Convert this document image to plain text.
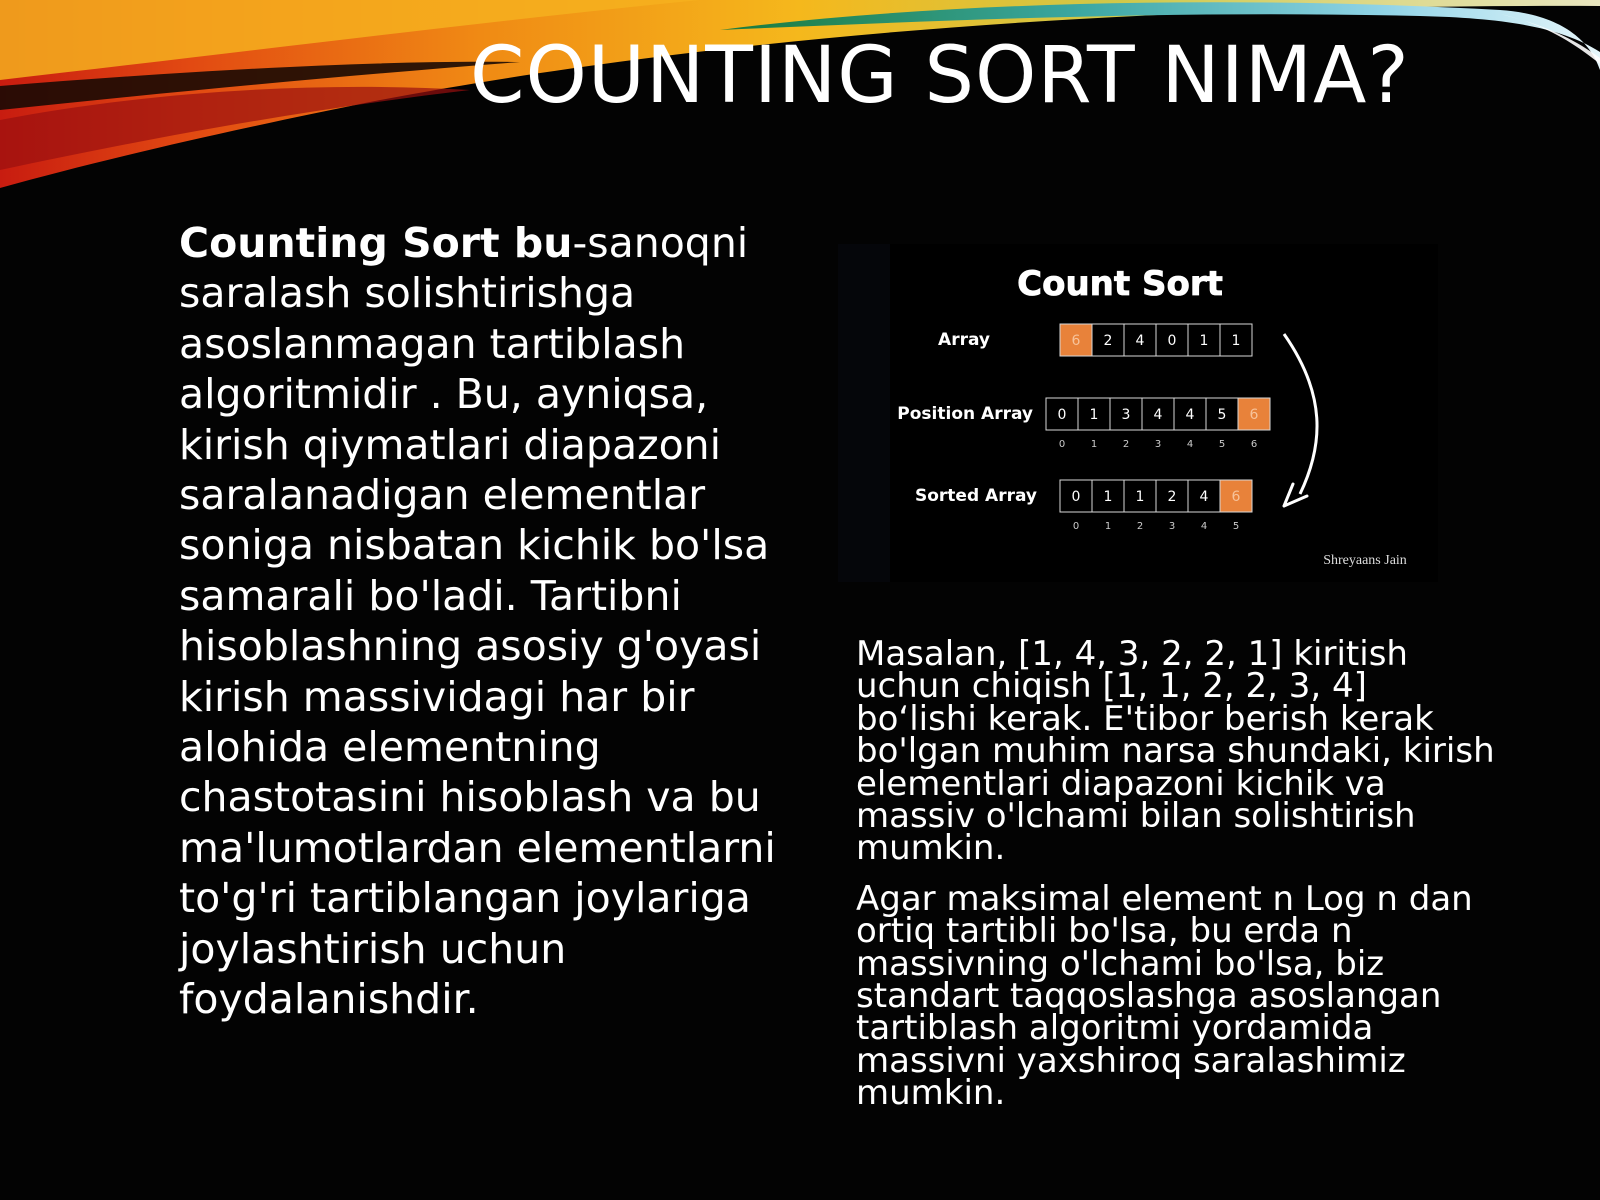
COUNTING SORT NIMA?
Counting Sort bu-sanoqni saralash solishtirishga asoslanmagan tartiblash algoritmidir . Bu, ayniqsa, kirish qiymatlari diapazoni saralanadigan elementlar soniga nisbatan kichik bo'lsa samarali bo'ladi. Tartibni hisoblashning asosiy g'oyasi kirish massividagi har bir alohida elementning chastotasini hisoblash va bu ma'lumotlardan elementlarni to'g'ri tartiblangan joylariga joylashtirish uchun foydalanishdir.
Count Sort
Array	6 2 4 0 1 1
Position Array 0 1 3 4 4 5 6
0	1	2	3	4	5	6
Sorted Array 0 1 1 2 4 6
0	1	2	3	4	5
Shreyaans Jain

Masalan, [1, 4, 3, 2, 2, 1] kiritish uchun chiqish [1, 1, 2, 2, 3, 4] bo‘lishi kerak. E'tibor berish kerak bo'lgan muhim narsa shundaki, kirish elementlari diapazoni kichik va massiv o'lchami bilan solishtirish mumkin.

Agar maksimal element n Log n dan ortiq tartibli bo'lsa, bu erda n massivning o'lchami bo'lsa, biz standart taqqoslashga asoslangan tartiblash algoritmi yordamida massivni yaxshiroq saralashimiz mumkin.
